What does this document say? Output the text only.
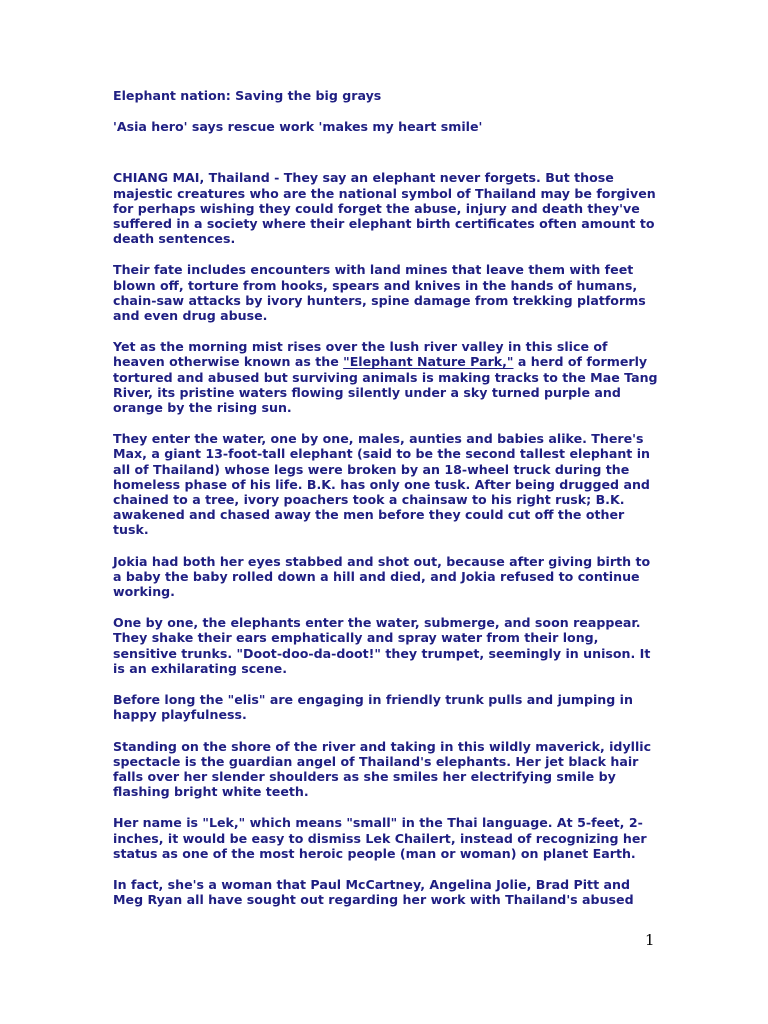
Elephant nation: Saving the big grays

'Asia hero' says rescue work 'makes my heart smile'

CHIANG MAI, Thailand - They say an elephant never forgets. But those majestic creatures who are the national symbol of Thailand may be forgiven for perhaps wishing they could forget the abuse, injury and death they've suffered in a society where their elephant birth certificates often amount to death sentences.

Their fate includes encounters with land mines that leave them with feet blown off, torture from hooks, spears and knives in the hands of humans, chain-saw attacks by ivory hunters, spine damage from trekking platforms and even drug abuse.

Yet as the morning mist rises over the lush river valley in this slice of heaven otherwise known as the "Elephant Nature Park," a herd of formerly tortured and abused but surviving animals is making tracks to the Mae Tang River, its pristine waters flowing silently under a sky turned purple and orange by the rising sun.

They enter the water, one by one, males, aunties and babies alike. There's Max, a giant 13-foot-tall elephant (said to be the second tallest elephant in all of Thailand) whose legs were broken by an 18-wheel truck during the homeless phase of his life. B.K. has only one tusk. After being drugged and chained to a tree, ivory poachers took a chainsaw to his right rusk; B.K. awakened and chased away the men before they could cut off the other tusk.

Jokia had both her eyes stabbed and shot out, because after giving birth to a baby the baby rolled down a hill and died, and Jokia refused to continue working.

One by one, the elephants enter the water, submerge, and soon reappear. They shake their ears emphatically and spray water from their long, sensitive trunks. "Doot-doo-da-doot!" they trumpet, seemingly in unison. It is an exhilarating scene.

Before long the "elis" are engaging in friendly trunk pulls and jumping in happy playfulness.

Standing on the shore of the river and taking in this wildly maverick, idyllic spectacle is the guardian angel of Thailand's elephants. Her jet black hair falls over her slender shoulders as she smiles her electrifying smile by flashing bright white teeth.

Her name is "Lek," which means "small" in the Thai language. At 5-feet, 2-inches, it would be easy to dismiss Lek Chailert, instead of recognizing her status as one of the most heroic people (man or woman) on planet Earth.

In fact, she's a woman that Paul McCartney, Angelina Jolie, Brad Pitt and Meg Ryan all have sought out regarding her work with Thailand's abused

1
